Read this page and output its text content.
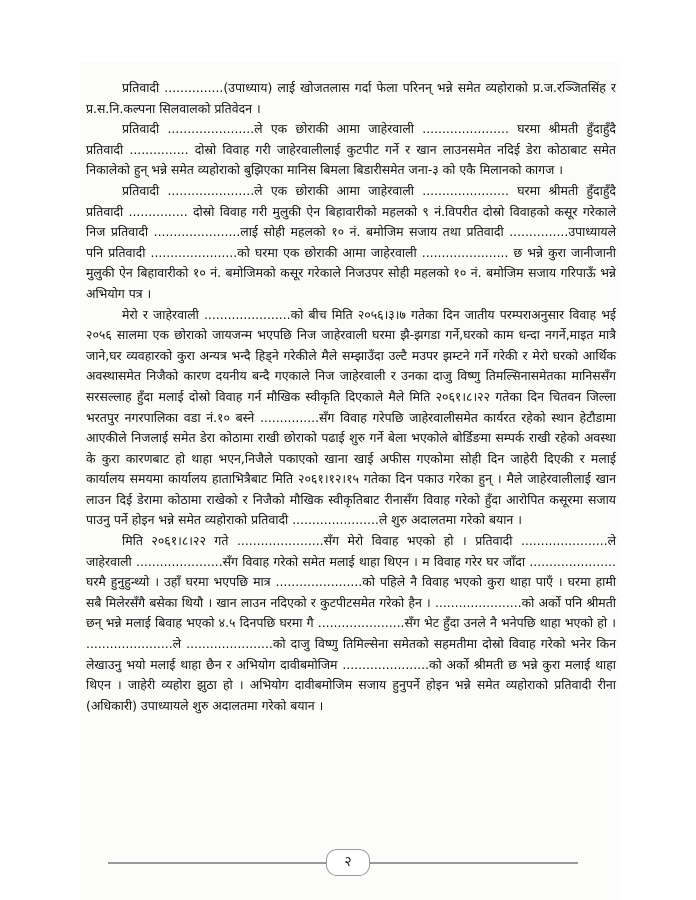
प्रतिवादी ...............(उपाध्याय) लाई खोजतलास गर्दा फेला परिनन् भन्ने समेत व्यहोराको प्र.ज.रञ्जितसिंह र प्र.स.नि.कल्पना सिलवालको प्रतिवेदन ।

प्रतिवादी ......................ले एक छोराकी आमा जाहेरवाली ...................... घरमा श्रीमती हुँदाहुँदै प्रतिवादी ............... दोस्रो विवाह गरी जाहेरवालीलाई कुटपीट गर्ने र खान लाउनसमेत नदिई डेरा कोठाबाट समेत निकालेको हुन् भन्ने समेत व्यहोराको बुझिएका मानिस बिमला बिडारीसमेत जना-३ को एकै मिलानको कागज ।

प्रतिवादी ......................ले एक छोराकी आमा जाहेरवाली ...................... घरमा श्रीमती हुँदाहुँदै प्रतिवादी ............... दोस्रो विवाह गरी मुलुकी ऐन बिहावारीको महलको ९ नं.विपरीत दोस्रो विवाहको कसूर गरेकाले निज प्रतिवादी ......................लाई सोही महलको १० नं. बमोजिम सजाय तथा प्रतिवादी ...............उपाध्यायले पनि प्रतिवादी ......................को घरमा एक छोराकी आमा जाहेरवाली ...................... छ भन्ने कुरा जानीजानी मुलुकी ऐन बिहावारीको १० नं. बमोजिमको कसूर गरेकाले निजउपर सोही महलको १० नं. बमोजिम सजाय गरिपाऊँ भन्ने अभियोग पत्र ।

मेरो र जाहेरवाली ......................को बीच मिति २०५६।३।७ गतेका दिन जातीय परम्पराअनुसार विवाह भई २०५६ सालमा एक छोराको जायजन्म भएपछि निज जाहेरवाली घरमा झै-झगडा गर्ने,घरको काम धन्दा नगर्ने,माइत मात्रै जाने,घर व्यवहारको कुरा अन्यत्र भन्दै हिड्ने गरेकीले मैले सम्झाउँदा उल्टै मउपर झम्टने गर्ने गरेकी र मेरो घरको आर्थिक अवस्थासमेत निजैको कारण दयनीय बन्दै गएकाले निज जाहेरवाली र उनका दाजु विष्णु तिमल्सिनासमेतका मानिससँग सरसल्लाह हुँदा मलाई दोस्रो विवाह गर्न मौखिक स्वीकृति दिएकाले मैले मिति २०६१।८।२२ गतेका दिन चितवन जिल्ला भरतपुर नगरपालिका वडा नं.१० बस्ने ...............सँग विवाह गरेपछि जाहेरवालीसमेत कार्यरत रहेको स्थान हेटौडामा आएकीले निजलाई समेत डेरा कोठामा राखी छोराको पढाई शुरु गर्ने बेला भएकोले बोर्डिङमा सम्पर्क राखी रहेको अवस्था के कुरा कारणबाट हो थाहा भएन,निजैले पकाएको खाना खाई अफीस गएकोमा सोही दिन जाहेरी दिएकी र मलाई कार्यालय समयमा कार्यालय हाताभित्रैबाट मिति २०६१।१२।१५ गतेका दिन पकाउ गरेका हुन् । मैले जाहेरवालीलाई खान लाउन दिई डेरामा कोठामा राखेको र निजैको मौखिक स्वीकृतिबाट रीनासँग विवाह गरेको हुँदा आरोपित कसूरमा सजाय पाउनु पर्ने होइन भन्ने समेत व्यहोराको प्रतिवादी ......................ले शुरु अदालतमा गरेको बयान ।

मिति २०६१।८।२२ गते ......................सँग मेरो विवाह भएको हो । प्रतिवादी ......................ले जाहेरवाली ......................सँग विवाह गरेको समेत मलाई थाहा थिएन । म विवाह गरेर घर जाँदा ...................... घरमै हुनुहुन्थ्यो । उहाँ घरमा भएपछि मात्र ......................को पहिले नै विवाह भएको कुरा थाहा पाएँ । घरमा हामी सबै मिलेरसँगै बसेका थियौ । खान लाउन नदिएको र कुटपीटसमेत गरेको हैन । ......................को अर्को पनि श्रीमती छन् भन्ने मलाई बिवाह भएको ४.५ दिनपछि घरमा गै ......................सँग भेट हुँदा उनले नै भनेपछि थाहा भएको हो । ......................ले ......................को दाजु विष्णु तिमिल्सेना समेतको सहमतीमा दोस्रो विवाह गरेको भनेर किन लेखाउनु भयो मलाई थाहा छैन र अभियोग दावीबमोजिम ......................को अर्को श्रीमती छ भन्ने कुरा मलाई थाहा थिएन । जाहेरी व्यहोरा झुठा हो । अभियोग दावीबमोजिम सजाय हुनुपर्ने होइन भन्ने समेत व्यहोराको प्रतिवादी रीना (अधिकारी) उपाध्यायले शुरु अदालतमा गरेको बयान ।

२
